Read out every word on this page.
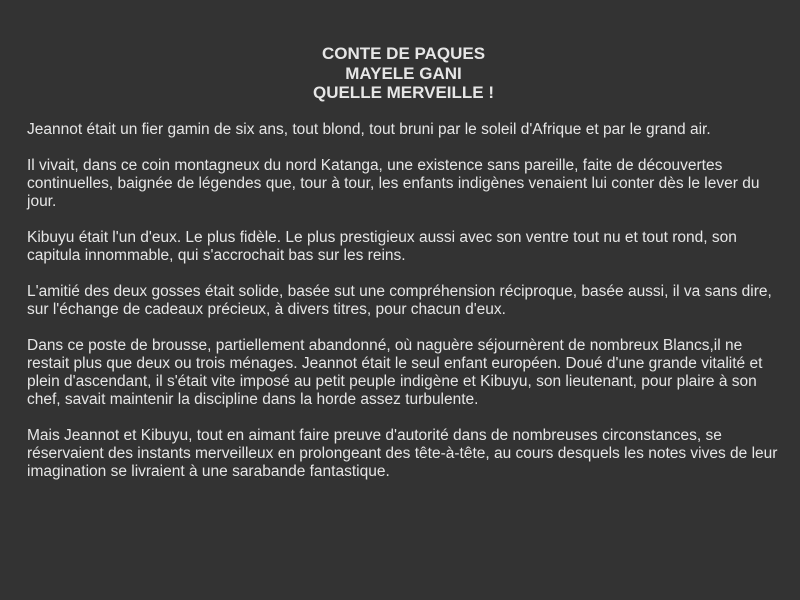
CONTE DE PAQUES
MAYELE GANI
QUELLE MERVEILLE !

Jeannot était un fier gamin de six ans, tout blond, tout bruni par le soleil d'Afrique et par le grand air.

Il vivait, dans ce coin montagneux du nord Katanga, une existence sans pareille, faite de découvertes continuelles, baignée de légendes que, tour à tour, les enfants indigènes venaient lui conter dès le lever du jour.

Kibuyu était l'un d'eux. Le plus fidèle. Le plus prestigieux aussi avec son ventre tout nu et tout rond, son capitula innommable, qui s'accrochait bas sur les reins.

L'amitié des deux gosses était solide, basée sut une compréhension réciproque, basée aussi, il va sans dire, sur l'échange de cadeaux précieux, à divers titres, pour chacun d'eux.

Dans ce poste de brousse, partiellement abandonné, où naguère séjournèrent de nombreux Blancs,il ne restait plus que deux ou trois ménages. Jeannot était le seul enfant européen. Doué d'une grande vitalité et plein d'ascendant, il s'était vite imposé au petit peuple indigène et Kibuyu, son lieutenant, pour plaire à son chef, savait maintenir la discipline dans la horde assez turbulente.

Mais Jeannot et Kibuyu, tout en aimant faire preuve d'autorité dans de nombreuses circonstances, se réservaient des instants merveilleux en prolongeant des tête-à-tête, au cours desquels les notes vives de leur imagination se livraient à une sarabande fantastique.
